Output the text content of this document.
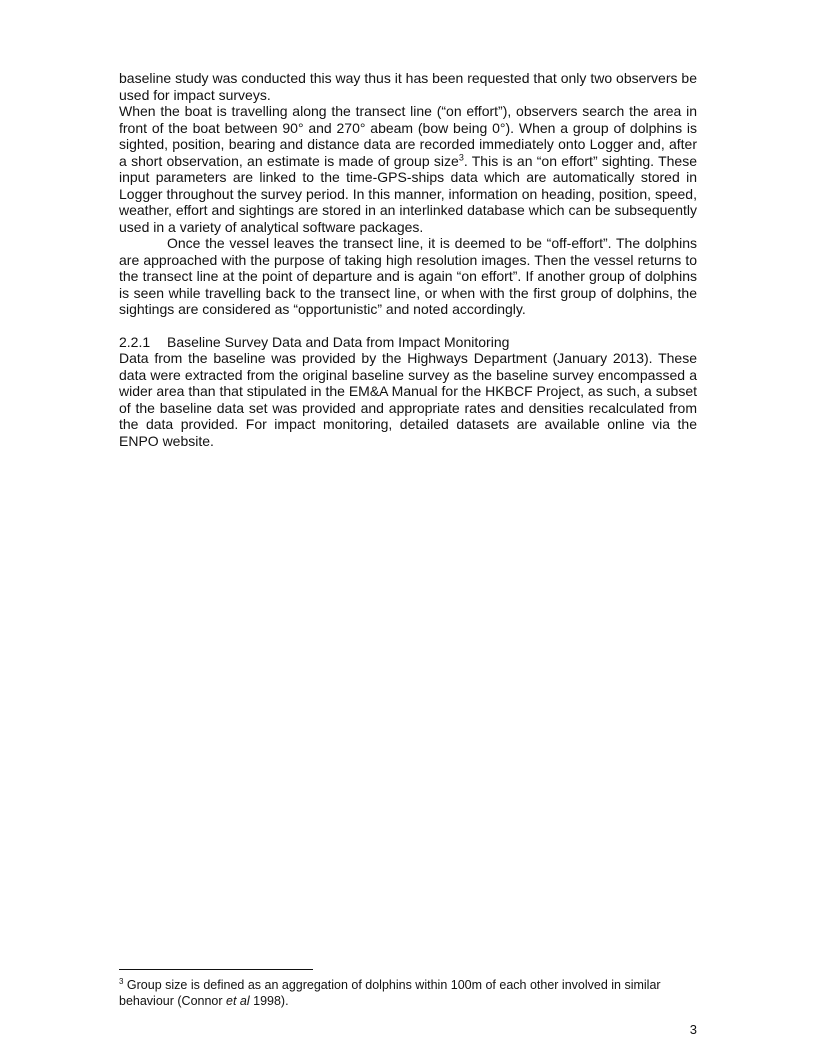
baseline study was conducted this way thus it has been requested that only two observers be used for impact surveys.

When the boat is travelling along the transect line (“on effort”), observers search the area in front of the boat between 90° and 270° abeam (bow being 0°). When a group of dolphins is sighted, position, bearing and distance data are recorded immediately onto Logger and, after a short observation, an estimate is made of group size$^3$. This is an “on effort” sighting. These input parameters are linked to the time-GPS-ships data which are automatically stored in Logger throughout the survey period. In this manner, information on heading, position, speed, weather, effort and sightings are stored in an interlinked database which can be subsequently used in a variety of analytical software packages.

Once the vessel leaves the transect line, it is deemed to be “off-effort”. The dolphins are approached with the purpose of taking high resolution images. Then the vessel returns to the transect line at the point of departure and is again “on effort”. If another group of dolphins is seen while travelling back to the transect line, or when with the first group of dolphins, the sightings are considered as “opportunistic” and noted accordingly.

2.2.1 Baseline Survey Data and Data from Impact Monitoring

Data from the baseline was provided by the Highways Department (January 2013). These data were extracted from the original baseline survey as the baseline survey encompassed a wider area than that stipulated in the EM&A Manual for the HKBCF Project, as such, a subset of the baseline data set was provided and appropriate rates and densities recalculated from the data provided. For impact monitoring, detailed datasets are available online via the ENPO website.

$^3$ Group size is defined as an aggregation of dolphins within 100m of each other involved in similar behaviour (Connor et al 1998).

3
